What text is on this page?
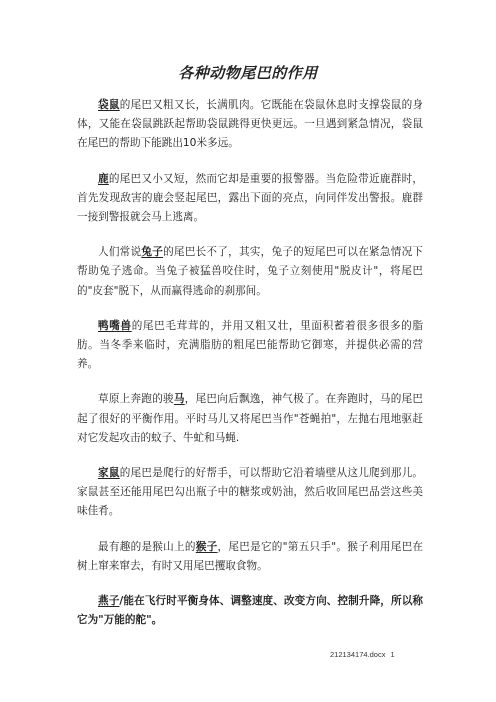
各种动物尾巴的作用

袋鼠的尾巴又粗又长，长满肌肉。它既能在袋鼠休息时支撑袋鼠的身体，又能在袋鼠跳跃起帮助袋鼠跳得更快更远。一旦遇到紧急情况，袋鼠在尾巴的帮助下能跳出10米多远。

鹿的尾巴又小又短，然而它却是重要的报警器。当危险带近鹿群时，首先发现敌害的鹿会竖起尾巴，露出下面的亮点，向同伴发出警报。鹿群一接到警报就会马上逃离。

人们常说兔子的尾巴长不了，其实，兔子的短尾巴可以在紧急情况下帮助兔子逃命。当兔子被猛兽咬住时，兔子立刻使用"脱皮计"，将尾巴的"皮套"脱下，从而赢得逃命的刹那间。

鸭嘴兽的尾巴毛茸茸的，并用又粗又壮，里面积蓄着很多很多的脂肪。当冬季来临时，充满脂肪的粗尾巴能帮助它御寒，并提供必需的营养。

草原上奔跑的骏马，尾巴向后飘逸，神气极了。在奔跑时，马的尾巴起了很好的平衡作用。平时马儿又将尾巴当作"苍蝇拍"，左抛右甩地驱赶对它发起攻击的蚊子、牛虻和马蝇.

家鼠的尾巴是爬行的好帮手，可以帮助它沿着墙壁从这儿爬到那儿。家鼠甚至还能用尾巴勾出瓶子中的糖浆或奶油，然后收回尾巴品尝这些美味佳肴。

最有趣的是猴山上的猴子，尾巴是它的"第五只手"。猴子利用尾巴在树上窜来窜去，有时又用尾巴攫取食物。

燕子/能在飞行时平衡身体、调整速度、改变方向、控制升降，所以称它为"万能的舵"。

212134174.docx 1
